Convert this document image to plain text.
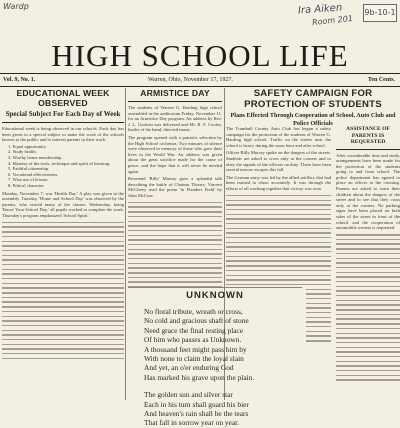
Wardp	Ira Aiken
Room 201
9b-10-1
HIGH SCHOOL LIFE
Vol. 9, No. 1.	Warren, Ohio, November 17, 1927.	Ten Cents.
EDUCATIONAL WEEK OBSERVED
Special Subject For Each Day of Week

Educational week is being observed in our schools. Each day has been given to a special subject to make the work of the schools known to the public and to interest parents in their work.

1. Equal opportunity.
2. Study health.
3. Worthy home membership.
4. Mastery of the tools, technique and spirit of learning.
5. Faithful citizenship.
6. Vocational effectiveness.
7. Wise use of leisure.
8. Ethical character.

Monday, November 7, was 'Health Day.' A play was given in the assembly. Tuesday, 'Home and School Day' was observed by the parents, who visited many of the classes. Wednesday, being 'Know Your School Day,' all pupils worked to complete the work. Thursday's program emphasized 'School Spirit.'

ARMISTICE DAY

The students of Warren G. Harding high school assembled in the auditorium Friday, November 11, for an Armistice Day program. An address by Rev. J. L. Godwin was delivered and Mr. R. F. Cooley, leader of the band, directed music.

The program opened with a patriotic selection by the High School orchestra. Two minutes of silence were observed in memory of those who gave their lives in the World War. An address was given about the great sacrifice made for the cause of peace, and the hope that it will never be needed again.

Reverend 'Billy' Murray gave a splendid talk describing the battle of Chateau Thierry. Vincent McCleery read the poem 'In Flanders Field' by John McCrae.

SAFETY CAMPAIGN FOR PROTECTION OF STUDENTS
Plans Effected Through Cooperation of School, Auto Club and Police Officials

The Trumbull County Auto Club has begun a safety campaign for the protection of the students of Warren G. Harding high school. Traffic on the streets near the school is heavy during the noon hour and after school.

Officer Billy Murray spoke on the dangers of the streets. Students are asked to cross only at the corners and to obey the signals of the officers on duty. There have been several narrow escapes this fall.

The German army was led by the allied artillery that had been trained to shoot accurately. It was through the efforts of all working together that victory was won.

ASSISTANCE OF PARENTS IS REQUESTED

After considerable time and study, arrangements have been made for the protection of the students going to and from school. The police department has agreed to place an officer at the crossing. Parents are asked to warn their children about the dangers of the street and to see that they cross only at the corners. No parking signs have been placed on both sides of the street in front of the school, and the cooperation of automobile owners is requested.

UNKNOWN
No floral tribute, wreath or cross,
No cold and gracious shaft of stone
Need grace the final resting place
Of him who passes as Unknown.
A thousand feet might pass him by
With none to claim the loyal slain
And yet, an o'er enduring God
Has marked his grave upon the plain.
The golden sun and silver star
Each in his turn shall guard his bier
And heaven's rain shall be the tears
That fall in sorrow year on year.
